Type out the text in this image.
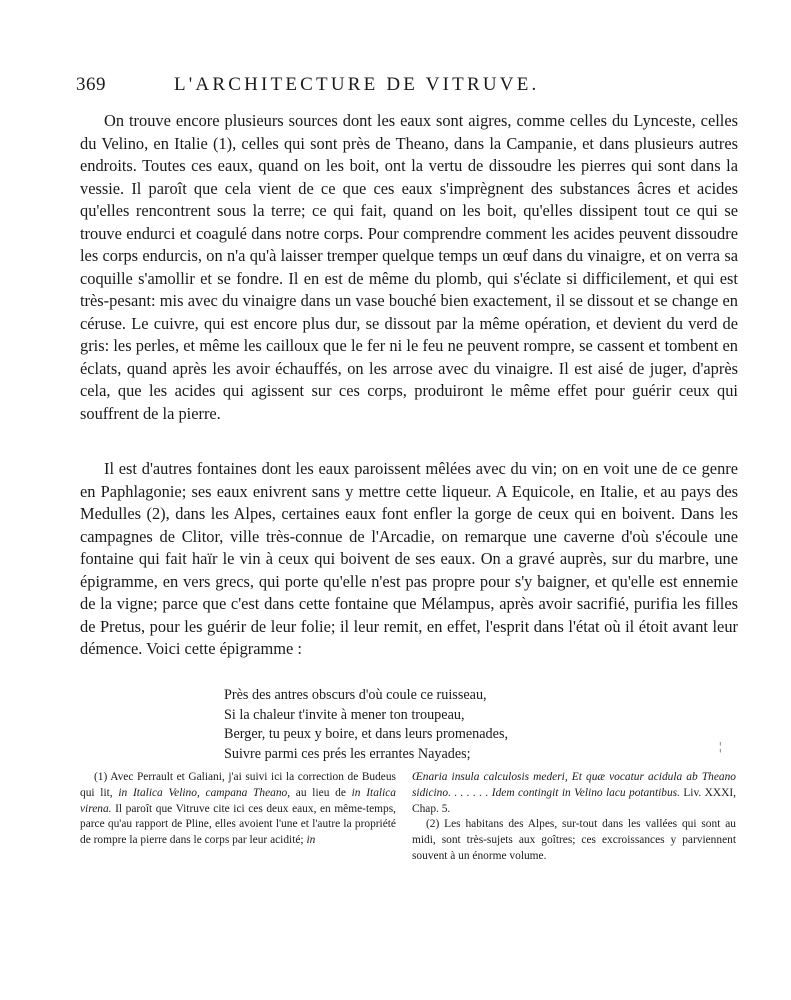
369	L'ARCHITECTURE DE VITRUVE.
On trouve encore plusieurs sources dont les eaux sont aigres, comme celles du Lynceste, celles du Velino, en Italie (1), celles qui sont près de Theano, dans la Campanie, et dans plusieurs autres endroits. Toutes ces eaux, quand on les boit, ont la vertu de dissoudre les pierres qui sont dans la vessie. Il paroît que cela vient de ce que ces eaux s'imprègnent des substances âcres et acides qu'elles rencontrent sous la terre; ce qui fait, quand on les boit, qu'elles dissipent tout ce qui se trouve endurci et coagulé dans notre corps. Pour comprendre comment les acides peuvent dissoudre les corps endurcis, on n'a qu'à laisser tremper quelque temps un œuf dans du vinaigre, et on verra sa coquille s'amollir et se fondre. Il en est de même du plomb, qui s'éclate si difficilement, et qui est très-pesant: mis avec du vinaigre dans un vase bouché bien exactement, il se dissout et se change en céruse. Le cuivre, qui est encore plus dur, se dissout par la même opération, et devient du verd de gris: les perles, et même les cailloux que le fer ni le feu ne peuvent rompre, se cassent et tombent en éclats, quand après les avoir échauffés, on les arrose avec du vinaigre. Il est aisé de juger, d'après cela, que les acides qui agissent sur ces corps, produiront le même effet pour guérir ceux qui souffrent de la pierre.
Il est d'autres fontaines dont les eaux paroissent mêlées avec du vin; on en voit une de ce genre en Paphlagonie; ses eaux enivrent sans y mettre cette liqueur. A Equicole, en Italie, et au pays des Medulles (2), dans les Alpes, certaines eaux font enfler la gorge de ceux qui en boivent. Dans les campagnes de Clitor, ville très-connue de l'Arcadie, on remarque une caverne d'où s'écoule une fontaine qui fait haïr le vin à ceux qui boivent de ses eaux. On a gravé auprès, sur du marbre, une épigramme, en vers grecs, qui porte qu'elle n'est pas propre pour s'y baigner, et qu'elle est ennemie de la vigne; parce que c'est dans cette fontaine que Mélampus, après avoir sacrifié, purifia les filles de Pretus, pour les guérir de leur folie; il leur remit, en effet, l'esprit dans l'état où il étoit avant leur démence. Voici cette épigramme :
Près des antres obscurs d'où coule ce ruisseau,
Si la chaleur t'invite à mener ton troupeau,
Berger, tu peux y boire, et dans leurs promenades,
Suivre parmi ces prés les errantes Nayades;	¦
(1) Avec Perrault et Galiani, j'ai suivi ici la correction de Budeus qui lit, in Italica Velino, campana Theano, au lieu de in Italica virena. Il paroît que Vitruve cite ici ces deux eaux, en même-temps, parce qu'au rapport de Pline, elles avoient l'une et l'autre la propriété de rompre la pierre dans le corps par leur acidité; in
Œnaria insula calculosis mederi, Et quæ vocatur acidula ab Theano sidicino. . . . . . . Idem contingit in Velino lacu potantibus. Liv. XXXI, Chap. 5.
(2) Les habitans des Alpes, sur-tout dans les vallées qui sont au midi, sont très-sujets aux goîtres; ces excroissances y parviennent souvent à un énorme volume.
